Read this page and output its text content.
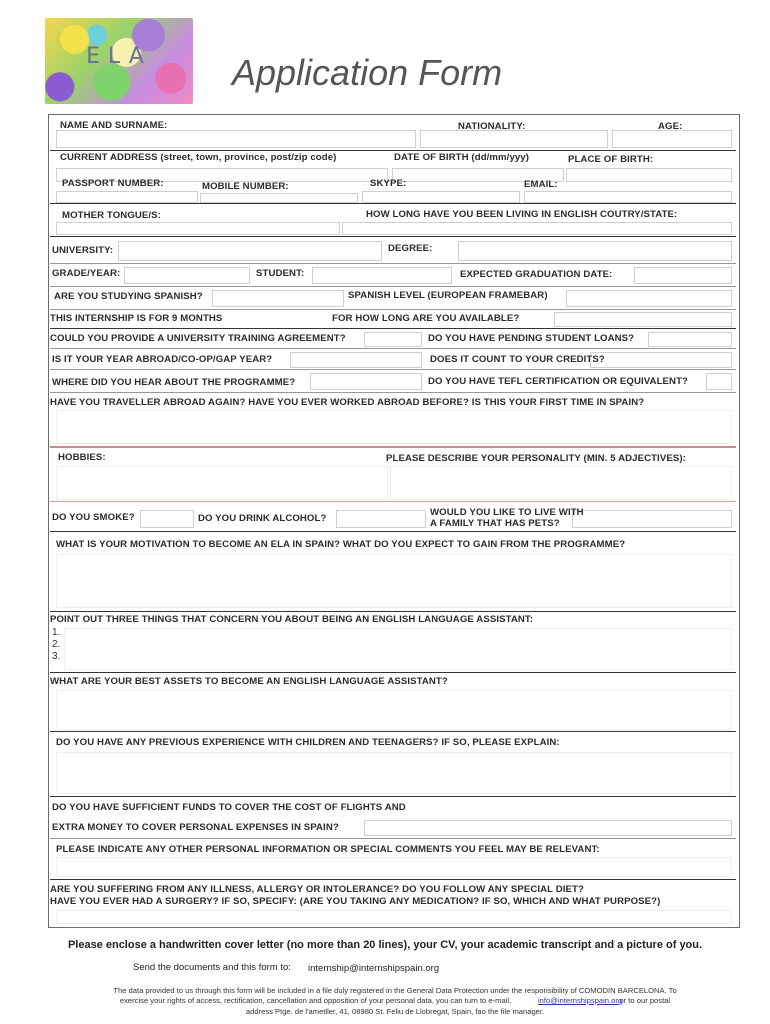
ELA	Application Form
NAME AND SURNAME:	NATIONALITY:	AGE:
CURRENT ADDRESS (street, town, province, post/zip code)	DATE OF BIRTH (dd/mm/yyy)	PLACE OF BIRTH:
PASSPORT NUMBER:	MOBILE NUMBER:	SKYPE:	EMAIL:
MOTHER TONGUE/S:	HOW LONG HAVE YOU BEEN LIVING IN ENGLISH COUTRY/STATE:
UNIVERSITY:	DEGREE:
GRADE/YEAR:	STUDENT:	EXPECTED GRADUATION DATE:
ARE YOU STUDYING SPANISH?	SPANISH LEVEL (EUROPEAN FRAMEBAR)
THIS INTERNSHIP IS FOR 9 MONTHS	FOR HOW LONG ARE YOU AVAILABLE?
COULD YOU PROVIDE A UNIVERSITY TRAINING AGREEMENT?	DO YOU HAVE PENDING STUDENT LOANS?
IS IT YOUR YEAR ABROAD/CO-OP/GAP YEAR?	DOES IT COUNT TO YOUR CREDITS?
WHERE DID YOU HEAR ABOUT THE PROGRAMME?	DO YOU HAVE TEFL CERTIFICATION OR EQUIVALENT?
HAVE YOU TRAVELLER ABROAD AGAIN? HAVE YOU EVER WORKED ABROAD BEFORE? IS THIS YOUR FIRST TIME IN SPAIN?
HOBBIES:	PLEASE DESCRIBE YOUR PERSONALITY (MIN. 5 ADJECTIVES):
DO YOU SMOKE?	DO YOU DRINK ALCOHOL?
WOULD YOU LIKE TO LIVE WITH
A FAMILY THAT HAS PETS?
WHAT IS YOUR MOTIVATION TO BECOME AN ELA IN SPAIN? WHAT DO YOU EXPECT TO GAIN FROM THE PROGRAMME?
POINT OUT THREE THINGS THAT CONCERN YOU ABOUT BEING AN ENGLISH LANGUAGE ASSISTANT:
1.
2.
3.
WHAT ARE YOUR BEST ASSETS TO BECOME AN ENGLISH LANGUAGE ASSISTANT?
DO YOU HAVE ANY PREVIOUS EXPERIENCE WITH CHILDREN AND TEENAGERS? IF SO, PLEASE EXPLAIN:
DO YOU HAVE SUFFICIENT FUNDS TO COVER THE COST OF FLIGHTS AND
EXTRA MONEY TO COVER PERSONAL EXPENSES IN SPAIN?
PLEASE INDICATE ANY OTHER PERSONAL INFORMATION OR SPECIAL COMMENTS YOU FEEL MAY BE RELEVANT:
ARE YOU SUFFERING FROM ANY ILLNESS, ALLERGY OR INTOLERANCE? DO YOU FOLLOW ANY SPECIAL DIET?
HAVE YOU EVER HAD A SURGERY? IF SO, SPECIFY: (ARE YOU TAKING ANY MEDICATION? IF SO, WHICH AND WHAT PURPOSE?)
Please enclose a handwritten cover letter (no more than 20 lines), your CV, your academic transcript and a picture of you.
Send the documents and this form to: internship@internshipspain.org
The data provided to us through this form will be included in a file duly registered in the General Data Protection under the responsibility of COMODIN BARCELONA. To
exercise your rights of access, rectification, cancellation and opposition of your personal data, you can turn to e-mail,	or to our postal
address Ptge. de l'ametller, 41, 08980 St. Feliu de Llobregat, Spain, fao the file manager.
info@internshipspain.org
